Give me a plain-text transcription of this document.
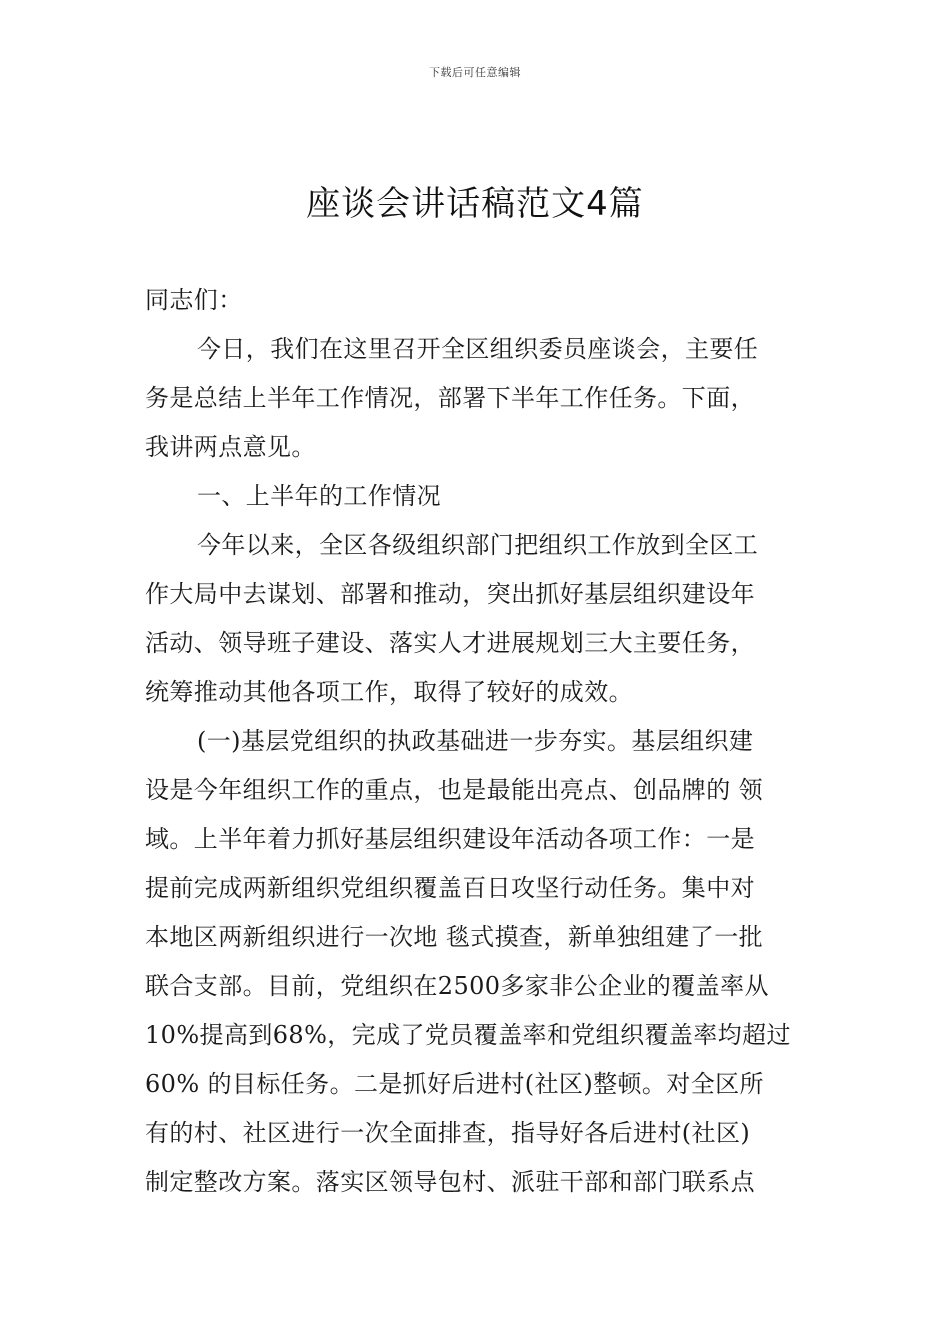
下载后可任意编辑
座谈会讲话稿范文4篇
同志们：
今日，我们在这里召开全区组织委员座谈会，主要任
务是总结上半年工作情况，部署下半年工作任务。下面，
我讲两点意见。
一、上半年的工作情况
今年以来，全区各级组织部门把组织工作放到全区工
作大局中去谋划、部署和推动，突出抓好基层组织建设年
活动、领导班子建设、落实人才进展规划三大主要任务，
统筹推动其他各项工作，取得了较好的成效。
(一)基层党组织的执政基础进一步夯实。基层组织建
设是今年组织工作的重点，也是最能出亮点、创品牌的 领
域。上半年着力抓好基层组织建设年活动各项工作：一是
提前完成两新组织党组织覆盖百日攻坚行动任务。集中对
本地区两新组织进行一次地 毯式摸查，新单独组建了一批
联合支部。目前，党组织在2500多家非公企业的覆盖率从
10%提高到68%，完成了党员覆盖率和党组织覆盖率均超过
60% 的目标任务。二是抓好后进村(社区)整顿。对全区所
有的村、社区进行一次全面排查，指导好各后进村(社区)
制定整改方案。落实区领导包村、派驻干部和部门联系点
